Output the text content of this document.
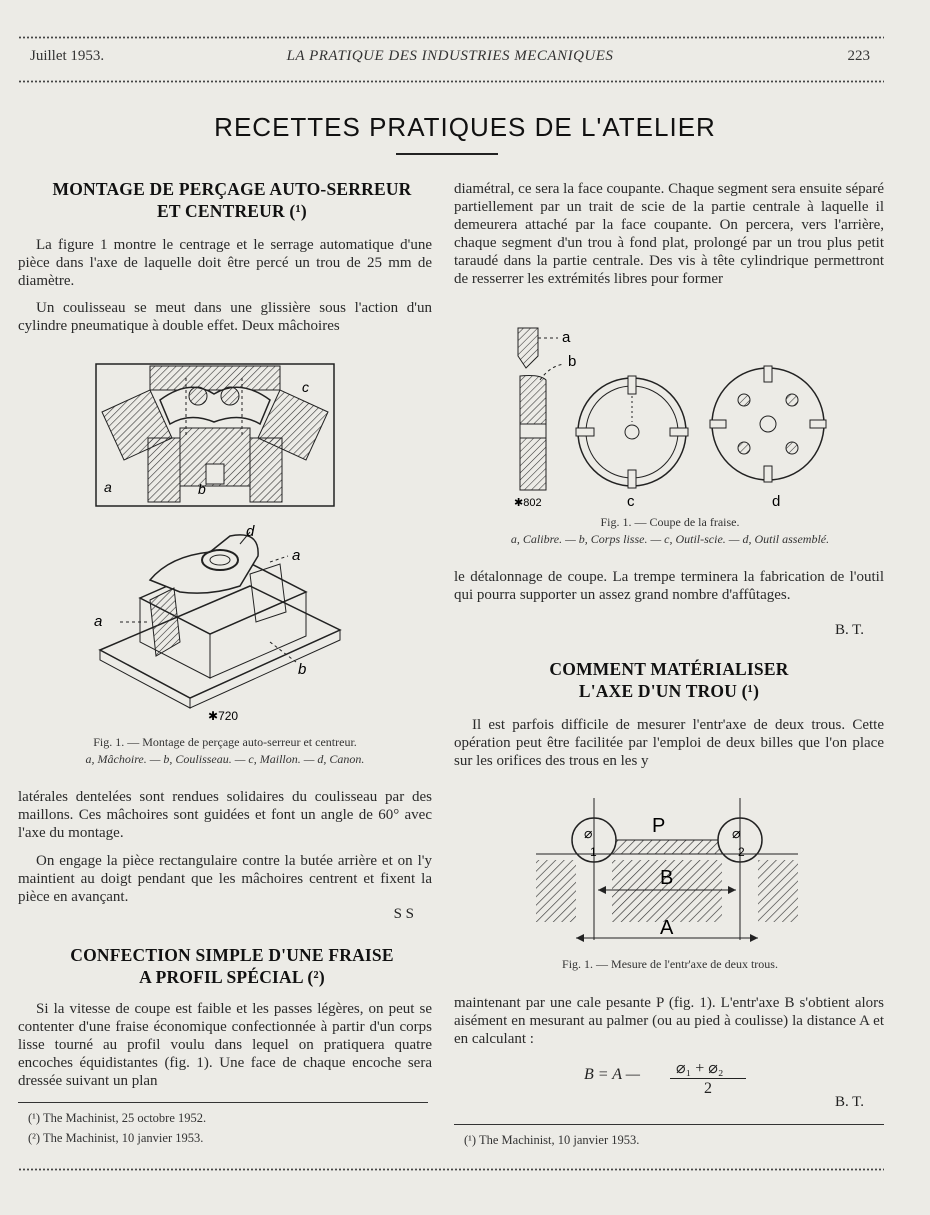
Juillet 1953.	LA PRATIQUE DES INDUSTRIES MECANIQUES	223
RECETTES PRATIQUES DE L'ATELIER
MONTAGE DE PERÇAGE AUTO-SERREUR
ET CENTREUR (¹)
La figure 1 montre le centrage et le serrage automatique d'une pièce dans l'axe de laquelle doit être percé un trou de 25 mm de diamètre.
Un coulisseau se meut dans une glissière sous l'action d'un cylindre pneumatique à double effet. Deux mâchoires
a	b
c
a
d
a
b
✱720
Fig. 1. — Montage de perçage auto-serreur et centreur.
a, Mâchoire. — b, Coulisseau. — c, Maillon. — d, Canon.
latérales dentelées sont rendues solidaires du coulisseau par des maillons. Ces mâchoires sont guidées et font un angle de 60° avec l'axe du montage.
On engage la pièce rectangulaire contre la butée arrière et on l'y maintient au doigt pendant que les mâchoires centrent et fixent la pièce en avançant.
S S
CONFECTION SIMPLE D'UNE FRAISE
A PROFIL SPÉCIAL (²)
Si la vitesse de coupe est faible et les passes légères, on peut se contenter d'une fraise économique confectionnée à partir d'un corps lisse tourné au profil voulu dans lequel on pratiquera quatre encoches équidistantes (fig. 1). Une face de chaque encoche sera dressée suivant un plan
(¹) The Machinist, 25 octobre 1952.
(²) The Machinist, 10 janvier 1953.
diamétral, ce sera la face coupante. Chaque segment sera ensuite séparé partiellement par un trait de scie de la partie centrale à laquelle il demeurera attaché par la face coupante. On percera, vers l'arrière, chaque segment d'un trou à fond plat, prolongé par un trou plus petit taraudé dans la partie centrale. Des vis à tête cylindrique permettront de resserrer les extrémités libres pour former
a
b
✱802	c	d
Fig. 1. — Coupe de la fraise.
a, Calibre. — b, Corps lisse. — c, Outil-scie. — d, Outil assemblé.
le détalonnage de coupe. La trempe terminera la fabrication de l'outil qui pourra supporter un assez grand nombre d'affûtages.
B. T.
COMMENT MATÉRIALISER
L'AXE D'UN TROU (¹)
Il est parfois difficile de mesurer l'entr'axe de deux trous. Cette opération peut être facilitée par l'emploi de deux billes que l'on place sur les orifices des trous en les y
P
⌀
1
⌀
2
B
A
Fig. 1. — Mesure de l'entr'axe de deux trous.
maintenant par une cale pesante P (fig. 1). L'entr'axe B s'obtient alors aisément en mesurant au palmer (ou au pied à coulisse) la distance A et en calculant :
B = A — ⌀₁ + ⌀₂
2
B. T.
(¹) The Machinist, 10 janvier 1953.
